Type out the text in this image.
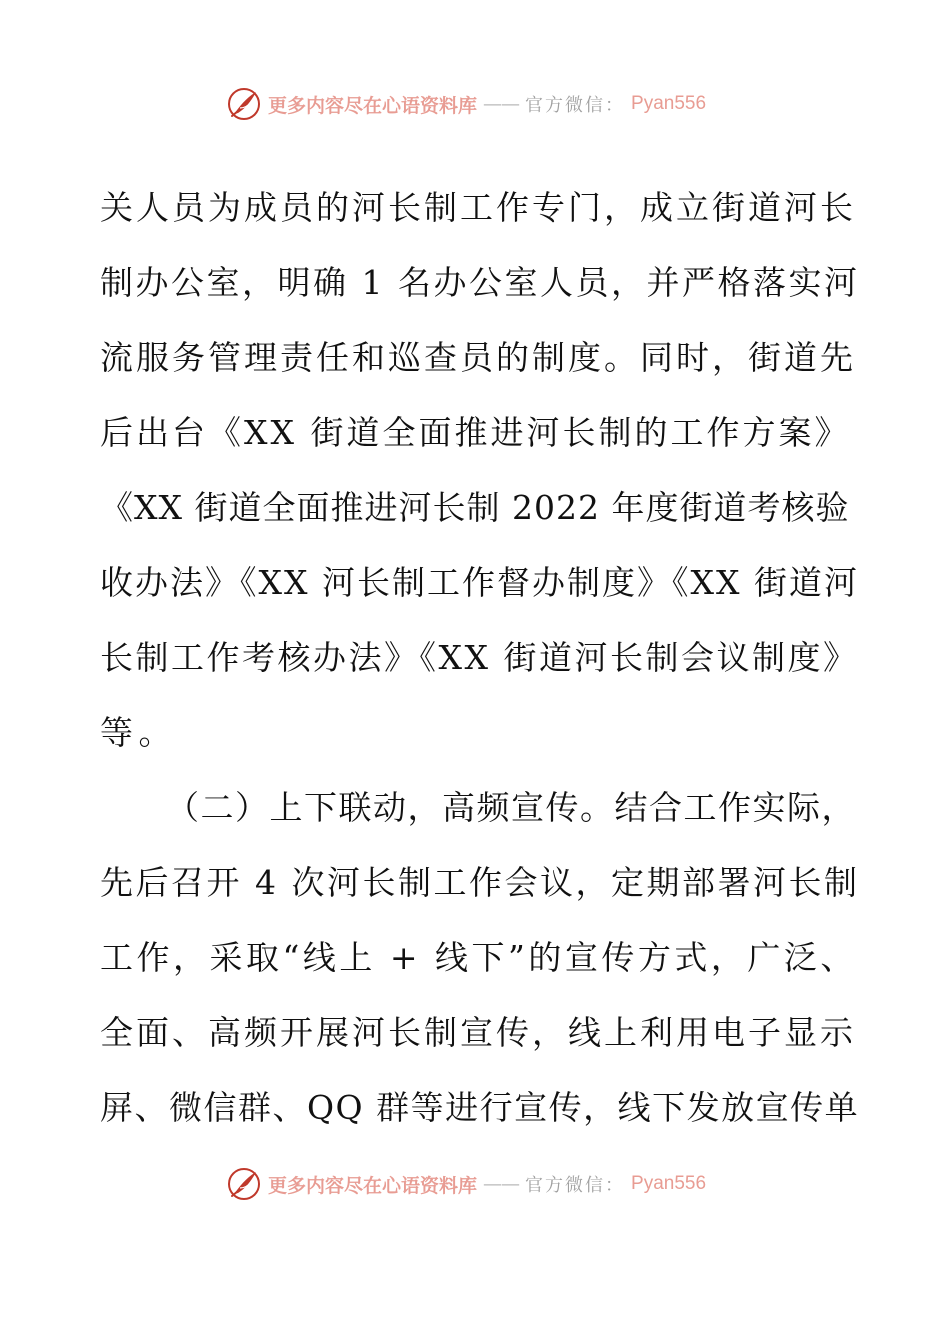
更多内容尽在心语资料库 —— 官方微信： Pyan556
关人员为成员的河长制工作专门，成立街道河长
制办公室，明确 1 名办公室人员，并严格落实河
流服务管理责任和巡查员的制度。同时，街道先
后出台《XX 街道全面推进河长制的工作方案》
《XX 街道全面推进河长制 2022 年度街道考核验
收办法》《XX 河长制工作督办制度》《XX 街道河
长制工作考核办法》《XX 街道河长制会议制度》
等。
（二）上下联动，高频宣传。结合工作实际，
先后召开 4 次河长制工作会议，定期部署河长制
工作，采取“线上 + 线下”的宣传方式，广泛、
全面、高频开展河长制宣传，线上利用电子显示
屏、微信群、QQ 群等进行宣传，线下发放宣传单
更多内容尽在心语资料库 —— 官方微信： Pyan556
